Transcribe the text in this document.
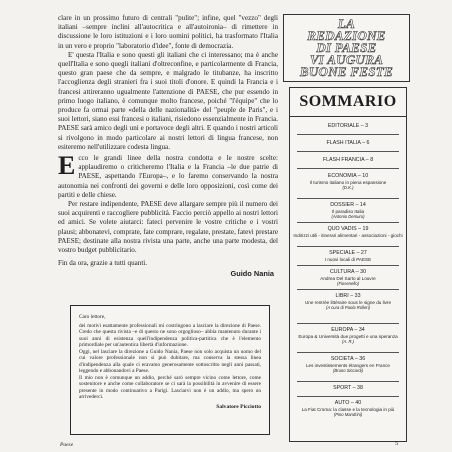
clare in un prossimo futuro di centrali "pulite"; infine, quel "vezzo" degli italiani –sempre inclini all'autocritica e all'autoironia– di rimettere in discussione le loro istituzioni e i loro uomini politici, ha trasformato l'Italia in un vero e proprio "laboratorio d'idee", fonte di democrazia.

E' questa l'Italia e sono questi gli italiani che ci interessano; ma è anche quell'Italia e sono quegli italiani d'oltreconfine, e particolarmente di Francia, questo gran paese che da sempre, e malgrado le titubanze, ha inscritto l'accoglienza degli stranieri fra i suoi titoli d'onore. E quindi la Francia e i francesi attireranno ugualmente l'attenzione di PAESE, che pur essendo in primo luogo italiano, è comunque molto francese, poiché "l'équipe" che lo produce fa ormai parte «della delle nazionalità» del "peuple de Paris", e i suoi lettori, siano essi francesi o italiani, risiedono essenzialmente in Francia. PAESE sarà amico degli uni e portavoce degli altri. E quando i nostri articoli si rivolgono in modo particolare ai nostri lettori di lingua francese, non esiteremo nell'utilizzare codesta lingua.

E cco le grandi linee della nostra condotta e le nostre scelte: applaudiremo o criticheremo l'Italia e la Francia –le due patrie di PAESE, aspettando l'Europa–, e lo faremo conservando la nostra autonomia nei confronti dei governi e delle loro opposizioni, così come dei partiti e delle chiese.

Per restare indipendente, PAESE deve allargare sempre più il numero dei suoi acquirenti e raccogliere pubblicità. Faccio perciò appello ai nostri lettori ed amici. Se volete aiutarci: fateci pervenire le vostre critiche e i vostri plausi; abbonatevi, comprate, fate comprare, regalate, prestate, fatevi prestare PAESE; destinate alla nostra rivista una parte, anche una parte modesta, del vostro budget pubblicitario.

Fin da ora, grazie a tutti quanti.
Guido Nania

Caro lettore,

dei motivi esattamente professionali mi costringono a lasciare la direzione di Paese. Credo che questa rivista –e di questo ne sono orgoglioso– abbia mantenuto durante i suoi anni di esistenza quell'indipendenza politica-partitica che è l'elemento primordiale per un'autentica libertà d'informazione.

Oggi, nel lasciare la direzione a Guido Nania, Paese non solo acquista un uomo del cui valore professionale non si può dubitare, ma conserva la stessa linea d'indipendenza alla quale ci eravamo generosamente sottoscritto negli anni passati, leggendo e abbonandovi a Paese.

Il mio non è comunque un addio, perché sarò sempre vicino come lettore, come sostenitore e anche come collaboratore se ci sarà la possibilità in avvenire di essere presente in modo continuativo a Parigi. Lasciarvi non è un addio, ma spero un arrivederci.

Salvatore Picciotto

LA
REDAZIONE
DI PAESE
VI AUGURA
BUONE FESTE
SOMMARIO
EDITORIALE – 3
FLASH ITALIA – 6
FLASH FRANCIA – 8
ECONOMIA – 10
Il turismo italiano in piena espansione
(D.K.)
DOSSIER – 14
Il paradiso Italia
(Antonio Demuro)
QUO VADIS – 19
Indirizzi utili - itinerari alimentari - associazioni - giochi
SPECIALE – 27
I nuovi locali di PAESE
CULTURA – 30
Andrea Del Sarto al Louvre
(Fiosenello)
LIBRI – 33
Une rentrée littéraire sous le signe du livre
(A cura di Paola Rolleri)
EUROPA – 34
Europa & Università due progetti e una speranza
(A. R.)
SOCIETA – 36
Les investissements étrangers en France
(Bruno Siccardi)
SPORT – 38
AUTO – 40
La Fiat Croma: la classe e la tecnologia in più
(Pino Mandrini)
Paese	5
